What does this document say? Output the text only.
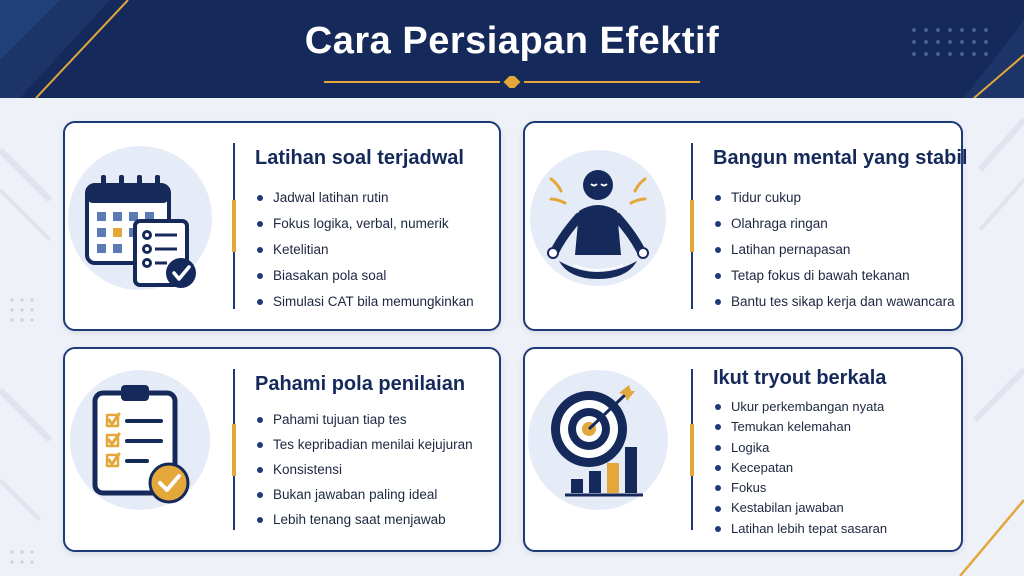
Cara Persiapan Efektif
Latihan soal terjadwal
Jadwal latihan rutin
Fokus logika, verbal, numerik
Ketelitian
Biasakan pola soal
Simulasi CAT bila memungkinkan
Bangun mental yang stabil
Tidur cukup
Olahraga ringan
Latihan pernapasan
Tetap fokus di bawah tekanan
Bantu tes sikap kerja dan wawancara
Pahami pola penilaian
Pahami tujuan tiap tes
Tes kepribadian menilai kejujuran
Konsistensi
Bukan jawaban paling ideal
Lebih tenang saat menjawab
Ikut tryout berkala
Ukur perkembangan nyata
Temukan kelemahan
Logika
Kecepatan
Fokus
Kestabilan jawaban
Latihan lebih tepat sasaran
